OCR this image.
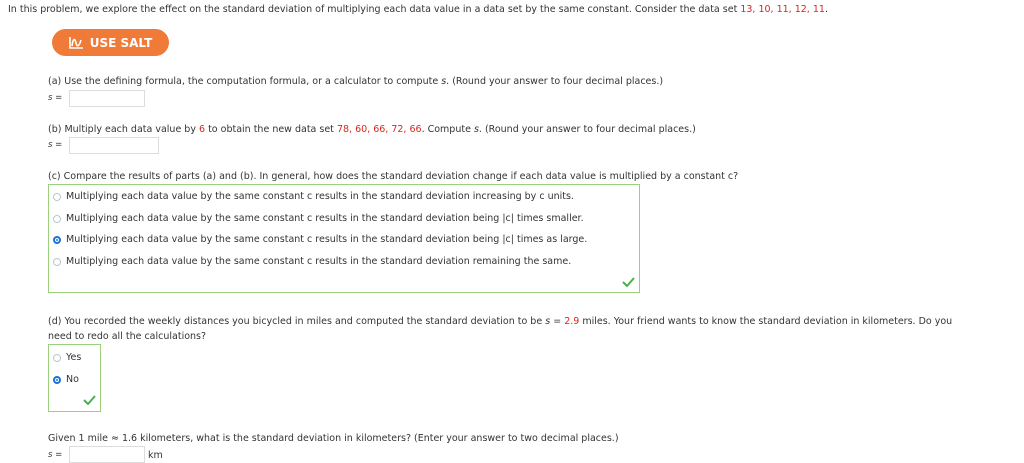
In this problem, we explore the effect on the standard deviation of multiplying each data value in a data set by the same constant. Consider the data set 13, 10, 11, 12, 11.
USE SALT
(a) Use the defining formula, the computation formula, or a calculator to compute s. (Round your answer to four decimal places.)
s =
(b) Multiply each data value by 6 to obtain the new data set 78, 60, 66, 72, 66. Compute s. (Round your answer to four decimal places.)
s =
(c) Compare the results of parts (a) and (b). In general, how does the standard deviation change if each data value is multiplied by a constant c?
Multiplying each data value by the same constant c results in the standard deviation increasing by c units.
Multiplying each data value by the same constant c results in the standard deviation being |c| times smaller.
Multiplying each data value by the same constant c results in the standard deviation being |c| times as large.
Multiplying each data value by the same constant c results in the standard deviation remaining the same.
(d) You recorded the weekly distances you bicycled in miles and computed the standard deviation to be s = 2.9 miles. Your friend wants to know the standard deviation in kilometers. Do you
need to redo all the calculations?
Yes
No
Given 1 mile ≈ 1.6 kilometers, what is the standard deviation in kilometers? (Enter your answer to two decimal places.)
s =	km
